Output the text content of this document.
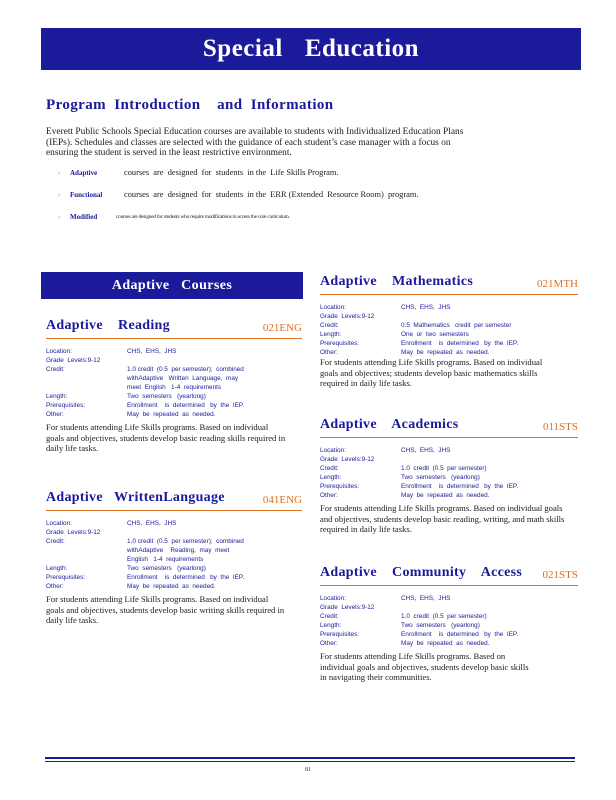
Special Education
Program  Introduction    and  Information
Everett Public Schools Special Education courses are available to students with Individualized Education Plans (IEPs). Schedules and classes are selected with the guidance of each student’s case manager with a focus on ensuring the student is served in the least restrictive environment.
›	Adaptive	courses  are  designed  for  students  in the  Life Skills Program.
›	Functional	courses  are  designed  for  students  in the  ERR (Extended  Resource Room)  program.
›	Modified	courses are designed for students who require modifications to access the core curriculum.
Adaptive   Courses
Adaptive    Reading	021ENG
Location:	CHS,  EHS,  JHS
Grade  Levels: 9-12
Credit:	1.0 credit  (0.5  per semester);  combined
withAdaptive   Written  Language,  may
meet  English   1-4  requirements
Length:	Two  semesters   (yearlong)
Prerequisites:	Enrollment    is  determined   by  the  IEP.
Other:	May  be  repeated  as  needed.
For students attending Life Skills programs. Based on individual goals and objectives, students develop basic reading skills required in daily life tasks.
Adaptive   WrittenLanguage	041ENG
Location:	CHS,  EHS,  JHS
Grade  Levels: 9-12
Credit:	1.0 credit  (0.5  per semester);  combined
withAdaptive    Reading,  may  meet
English   1-4  requirements
Length:	Two  semesters   (yearlong)
Prerequisites:	Enrollment    is  determined   by  the  IEP.
Other:	May  be  repeated  as  needed.
For students attending Life Skills programs. Based on individual goals and objectives, students develop basic writing skills required in daily life tasks.
Adaptive    Mathematics	021MTH
Location:	CHS,  EHS,  JHS
Grade  Levels: 9-12
Credit:	0.5  Mathematics   credit  per semester
Length:	One  or  two  semesters
Prerequisites:	Enrollment    is  determined   by  the  IEP.
Other:	May  be  repeated  as  needed.
For students attending Life Skills programs. Based on individual goals and objectives; students develop basic mathematics skills required in daily life tasks.
Adaptive    Academics	011STS
Location:	CHS,  EHS,  JHS
Grade  Levels: 9-12
Credit:	1.0  credit  (0.5  per semester)
Length:	Two  semesters   (yearlong)
Prerequisites:	Enrollment    is  determined   by  the  IEP.
Other:	May  be  repeated  as  needed.
For students attending Life Skills programs. Based on individual goals and objectives, students develop basic reading, writing, and math skills required in daily life tasks.
Adaptive    Community    Access 021STS
Location:	CHS,  EHS,  JHS
Grade  Levels: 9-12
Credit:	1.0  credit  (0.5  per semester)
Length:	Two  semesters   (yearlong)
Prerequisites:	Enrollment    is  determined   by  the  IEP.
Other:	May  be  repeated  as  needed.
For students attending Life Skills programs. Based on individual goals and objectives, students develop basic skills in navigating their communities.
81
